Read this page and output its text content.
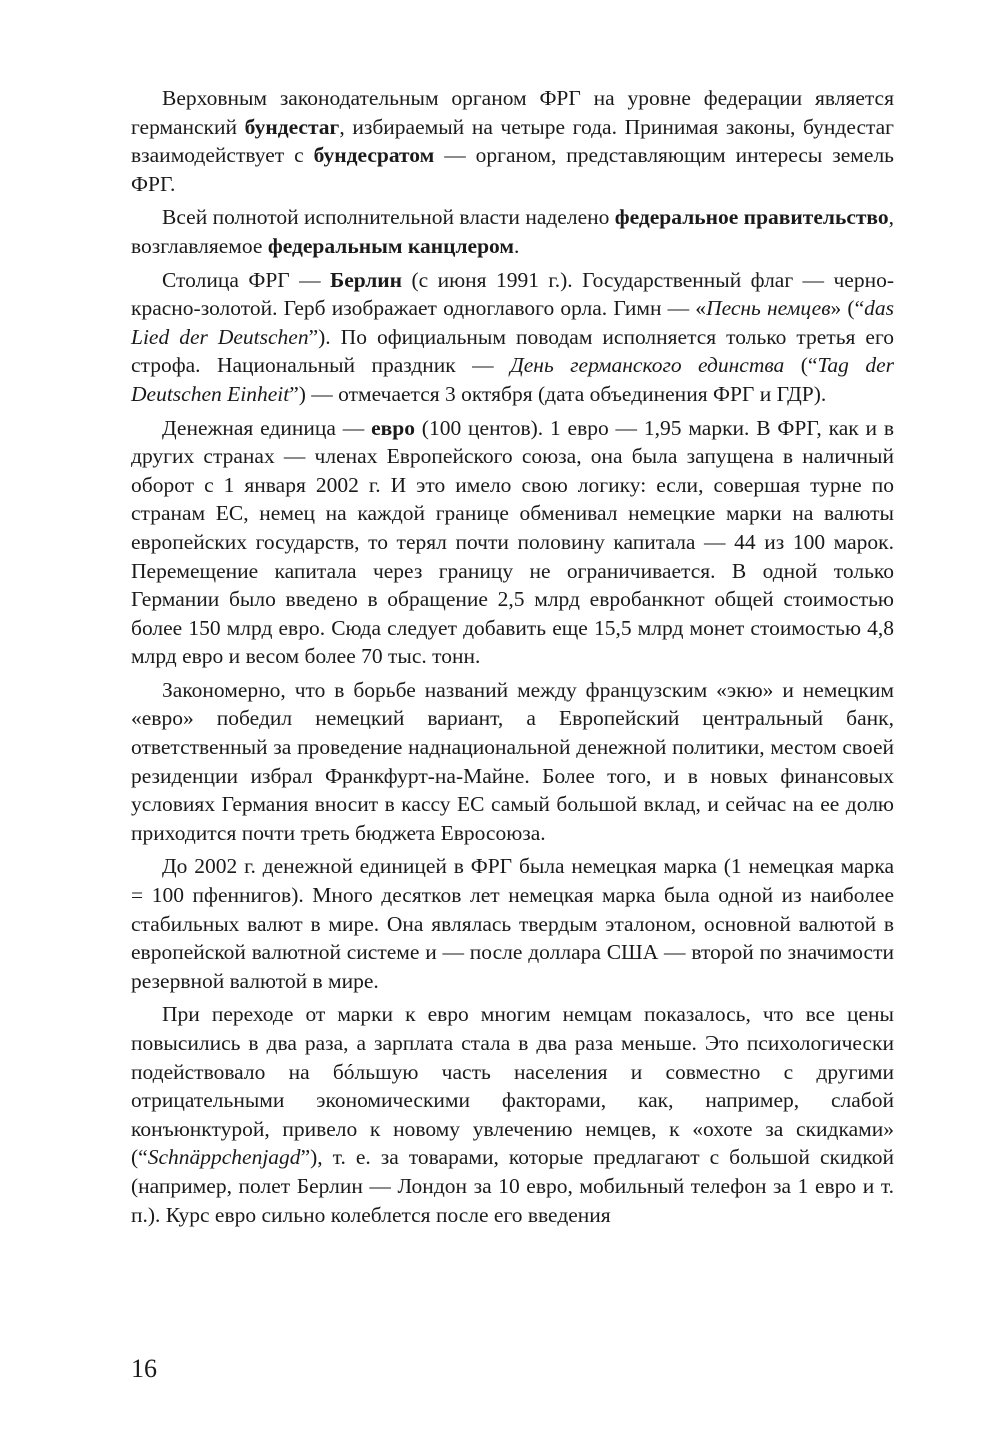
Верховным законодательным органом ФРГ на уровне федерации является германский бундестаг, избираемый на четыре года. Принимая законы, бундестаг взаимодействует с бундесратом — органом, представляющим интересы земель ФРГ.

Всей полнотой исполнительной власти наделено федеральное правительство, возглавляемое федеральным канцлером.

Столица ФРГ — Берлин (с июня 1991 г.). Государственный флаг — черно-красно-золотой. Герб изображает одноглавого орла. Гимн — «Песнь немцев» (“das Lied der Deutschen”). По официальным поводам исполняется только третья его строфа. Национальный праздник — День германского единства (“Tag der Deutschen Einheit”) — отмечается 3 октября (дата объединения ФРГ и ГДР).

Денежная единица — евро (100 центов). 1 евро — 1,95 марки. В ФРГ, как и в других странах — членах Европейского союза, она была запущена в наличный оборот с 1 января 2002 г. И это имело свою логику: если, совершая турне по странам ЕС, немец на каждой границе обменивал немецкие марки на валюты европейских государств, то терял почти половину капитала — 44 из 100 марок. Перемещение капитала через границу не ограничивается. В одной только Германии было введено в обращение 2,5 млрд евробанкнот общей стоимостью более 150 млрд евро. Сюда следует добавить еще 15,5 млрд монет стоимостью 4,8 млрд евро и весом более 70 тыс. тонн.

Закономерно, что в борьбе названий между французским «экю» и немецким «евро» победил немецкий вариант, а Европейский центральный банк, ответственный за проведение наднациональной денежной политики, местом своей резиденции избрал Франкфурт-на-Майне. Более того, и в новых финансовых условиях Германия вносит в кассу ЕС самый большой вклад, и сейчас на ее долю приходится почти треть бюджета Евросоюза.

До 2002 г. денежной единицей в ФРГ была немецкая марка (1 немецкая марка = 100 пфеннигов). Много десятков лет немецкая марка была одной из наиболее стабильных валют в мире. Она являлась твердым эталоном, основной валютой в европейской валютной системе и — после доллара США — второй по значимости резервной валютой в мире.

При переходе от марки к евро многим немцам показалось, что все цены повысились в два раза, а зарплата стала в два раза меньше. Это психологически подействовало на бóльшую часть населения и совместно с другими отрицательными экономическими факторами, как, например, слабой конъюнктурой, привело к новому увлечению немцев, к «охоте за скидками» (“Schnäppchenjagd”), т. е. за товарами, которые предлагают с большой скидкой (например, полет Берлин — Лондон за 10 евро, мобильный телефон за 1 евро и т. п.). Курс евро сильно колеблется после его введения

16
